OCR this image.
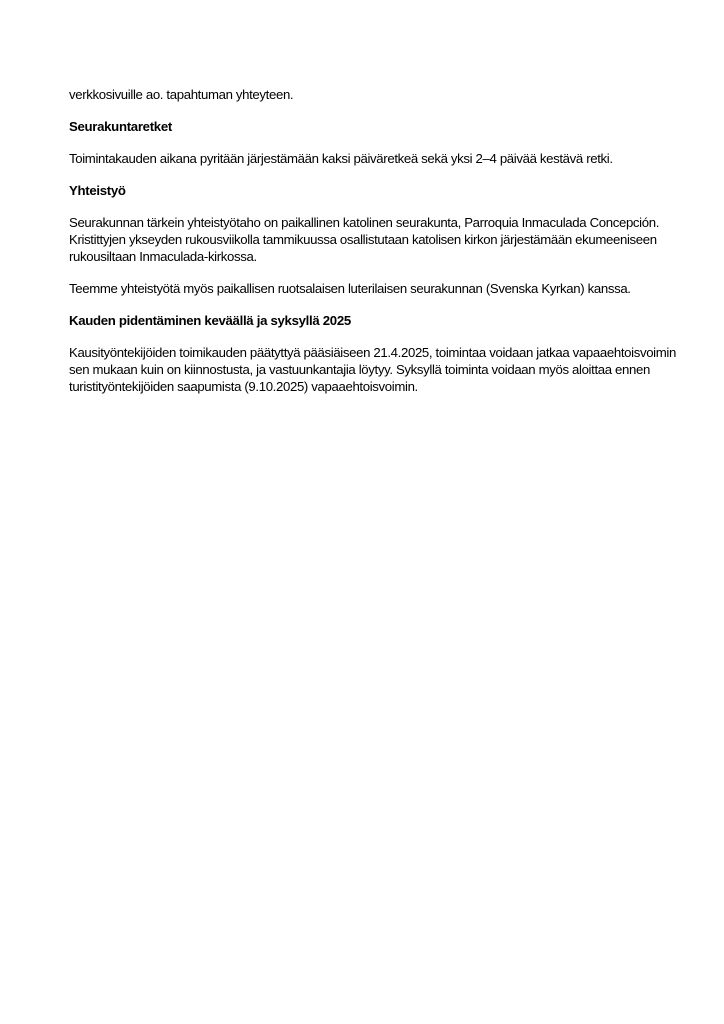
verkkosivuille ao. tapahtuman yhteyteen.

Seurakuntaretket

Toimintakauden aikana pyritään järjestämään kaksi päiväretkeä sekä yksi 2–4 päivää kestävä retki.

Yhteistyö

Seurakunnan tärkein yhteistyötaho on paikallinen katolinen seurakunta, Parroquia Inmaculada Concepción.
Kristittyjen ykseyden rukousviikolla tammikuussa osallistutaan katolisen kirkon järjestämään ekumeeniseen
rukousiltaan Inmaculada-kirkossa.

Teemme yhteistyötä myös paikallisen ruotsalaisen luterilaisen seurakunnan (Svenska Kyrkan) kanssa.

Kauden pidentäminen keväällä ja syksyllä 2025

Kausityöntekijöiden toimikauden päätyttyä pääsiäiseen 21.4.2025, toimintaa voidaan jatkaa vapaaehtoisvoimin
sen mukaan kuin on kiinnostusta, ja vastuunkantajia löytyy. Syksyllä toiminta voidaan myös aloittaa ennen
turistityöntekijöiden saapumista (9.10.2025) vapaaehtoisvoimin.
